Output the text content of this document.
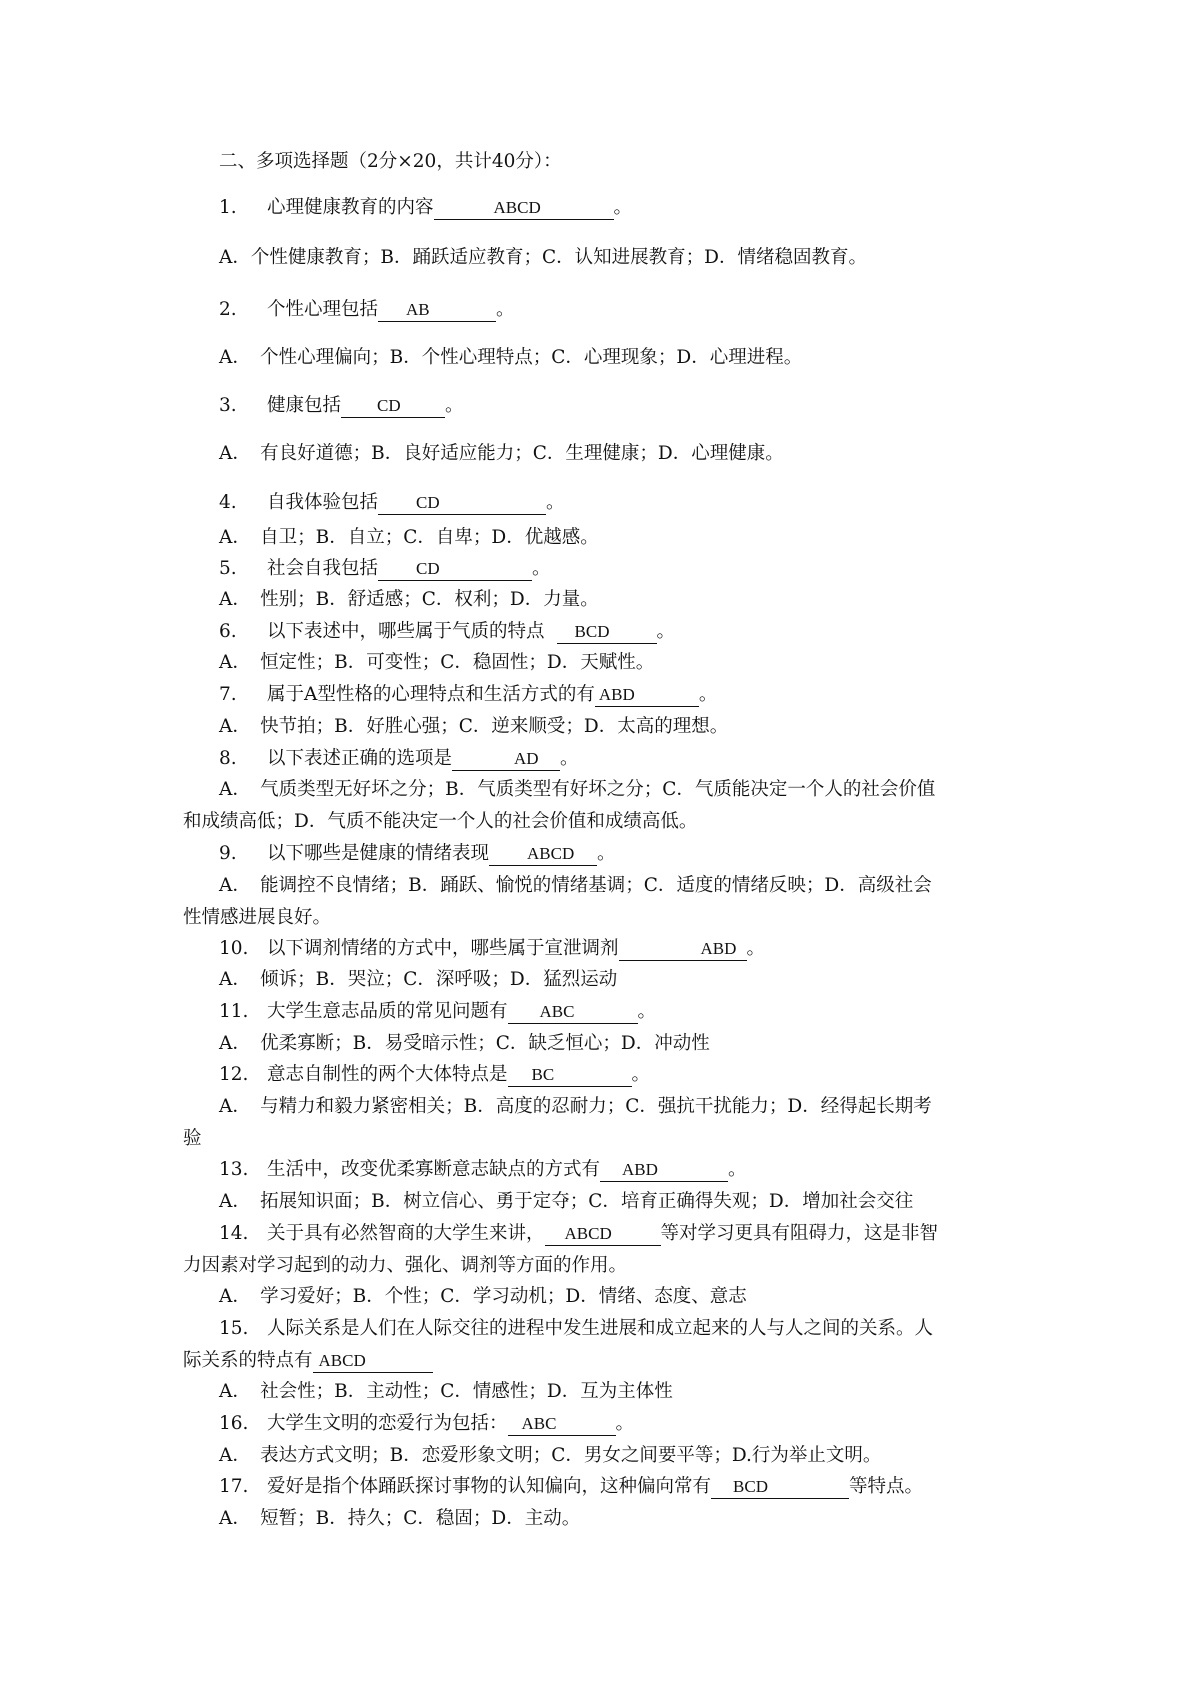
二、多项选择题（2分×20，共计40分）：
1. 心理健康教育的内容	ABCD	。
A．个性健康教育；B．踊跃适应教育；C．认知进展教育；D．情绪稳固教育。
2. 个性心理包括 AB	。
A．　个性心理偏向；B．个性心理特点；C．心理现象；D．心理进程。
3. 健康包括 CD 。
A．　有良好道德；B．良好适应能力；C．生理健康；D．心理健康。
4. 自我体验包括 CD	。
A．　自卫；B．自立；C．自卑；D．优越感。
5. 社会自我包括 CD	。
A．　性别；B．舒适感；C．权利；D．力量。
6. 以下表述中，哪些属于气质的特点 BCD	。
A．　恒定性；B．可变性；C．稳固性；D．天赋性。
7. 属于A型性格的心理特点和生活方式的有 ABD	。
A．　快节拍；B．好胜心强；C．逆来顺受；D．太高的理想。
8. 以下表述正确的选项是	AD 。
A．　气质类型无好坏之分；B．气质类型有好坏之分；C．气质能决定一个人的社会价值
和成绩高低；D．气质不能决定一个人的社会价值和成绩高低。
9. 以下哪些是健康的情绪表现 ABCD 。
A．　能调控不良情绪；B．踊跃、愉悦的情绪基调；C．适度的情绪反映；D．高级社会
性情感进展良好。
10. 以下调剂情绪的方式中，哪些属于宣泄调剂	ABD 。
A．　倾诉；B．哭泣；C．深呼吸；D．猛烈运动
11. 大学生意志品质的常见问题有 ABC	。
A．　优柔寡断；B．易受暗示性；C．缺乏恒心；D．冲动性
12. 意志自制性的两个大体特点是 BC	。
A．　与精力和毅力紧密相关；B．高度的忍耐力；C．强抗干扰能力；D．经得起长期考
验
13. 生活中，改变优柔寡断意志缺点的方式有 ABD	。
A．　拓展知识面；B．树立信心、勇于定夺；C．培育正确得失观；D．增加社会交往
14. 关于具有必然智商的大学生来讲， ABCD	等对学习更具有阻碍力，这是非智
力因素对学习起到的动力、强化、调剂等方面的作用。
A．　学习爱好；B．个性；C．学习动机；D．情绪、态度、意志
15. 人际关系是人们在人际交往的进程中发生进展和成立起来的人与人之间的关系。人
际关系的特点有 ABCD
A．　社会性；B．主动性；C．情感性；D．互为主体性
16. 大学生文明的恋爱行为包括： ABC	。
A．　表达方式文明；B．恋爱形象文明；C．男女之间要平等；D.行为举止文明。
17. 爱好是指个体踊跃探讨事物的认知偏向，这种偏向常有 BCD	等特点。
A．　短暂；B．持久；C．稳固；D．主动。
